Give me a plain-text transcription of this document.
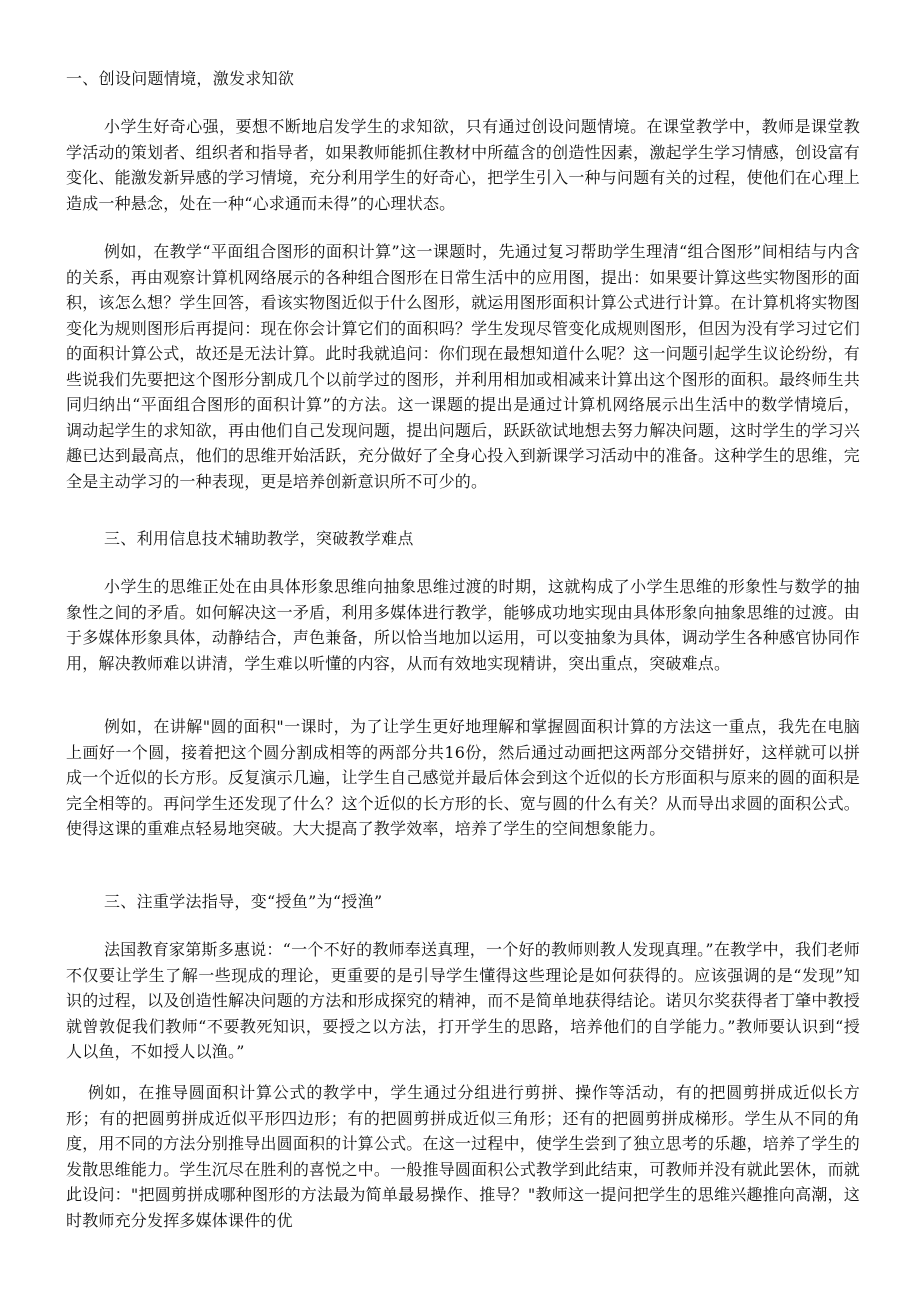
一、创设问题情境，激发求知欲

小学生好奇心强，要想不断地启发学生的求知欲，只有通过创设问题情境。在课堂教学中，教师是课堂教学活动的策划者、组织者和指导者，如果教师能抓住教材中所蕴含的创造性因素，激起学生学习情感，创设富有变化、能激发新异感的学习情境，充分利用学生的好奇心，把学生引入一种与问题有关的过程，使他们在心理上造成一种悬念，处在一种“心求通而未得”的心理状态。

例如，在教学“平面组合图形的面积计算”这一课题时，先通过复习帮助学生理清“组合图形”间相结与内含的关系，再由观察计算机网络展示的各种组合图形在日常生活中的应用图，提出：如果要计算这些实物图形的面积，该怎么想？学生回答，看该实物图近似于什么图形，就运用图形面积计算公式进行计算。在计算机将实物图变化为规则图形后再提问：现在你会计算它们的面积吗？学生发现尽管变化成规则图形，但因为没有学习过它们的面积计算公式，故还是无法计算。此时我就追问：你们现在最想知道什么呢？这一问题引起学生议论纷纷，有些说我们先要把这个图形分割成几个以前学过的图形，并利用相加或相减来计算出这个图形的面积。最终师生共同归纳出“平面组合图形的面积计算”的方法。这一课题的提出是通过计算机网络展示出生活中的数学情境后，调动起学生的求知欲，再由他们自己发现问题，提出问题后，跃跃欲试地想去努力解决问题，这时学生的学习兴趣已达到最高点，他们的思维开始活跃，充分做好了全身心投入到新课学习活动中的准备。这种学生的思维，完全是主动学习的一种表现，更是培养创新意识所不可少的。

三、利用信息技术辅助教学，突破教学难点

小学生的思维正处在由具体形象思维向抽象思维过渡的时期，这就构成了小学生思维的形象性与数学的抽象性之间的矛盾。如何解决这一矛盾，利用多媒体进行教学，能够成功地实现由具体形象向抽象思维的过渡。由于多媒体形象具体，动静结合，声色兼备，所以恰当地加以运用，可以变抽象为具体，调动学生各种感官协同作用，解决教师难以讲清，学生难以听懂的内容，从而有效地实现精讲，突出重点，突破难点。

例如，在讲解"圆的面积"一课时，为了让学生更好地理解和掌握圆面积计算的方法这一重点，我先在电脑上画好一个圆，接着把这个圆分割成相等的两部分共16份，然后通过动画把这两部分交错拼好，这样就可以拼成一个近似的长方形。反复演示几遍，让学生自己感觉并最后体会到这个近似的长方形面积与原来的圆的面积是完全相等的。再问学生还发现了什么？这个近似的长方形的长、宽与圆的什么有关？从而导出求圆的面积公式。使得这课的重难点轻易地突破。大大提高了教学效率，培养了学生的空间想象能力。

三、注重学法指导，变“授鱼”为“授渔”

法国教育家第斯多惠说：“一个不好的教师奉送真理，一个好的教师则教人发现真理。”在教学中，我们老师不仅要让学生了解一些现成的理论，更重要的是引导学生懂得这些理论是如何获得的。应该强调的是“发现”知识的过程，以及创造性解决问题的方法和形成探究的精神，而不是简单地获得结论。诺贝尔奖获得者丁肇中教授就曾敦促我们教师“不要教死知识，要授之以方法，打开学生的思路，培养他们的自学能力。”教师要认识到“授人以鱼，不如授人以渔。”

例如，在推导圆面积计算公式的教学中，学生通过分组进行剪拼、操作等活动，有的把圆剪拼成近似长方形；有的把圆剪拼成近似平形四边形；有的把圆剪拼成近似三角形；还有的把圆剪拼成梯形。学生从不同的角度，用不同的方法分别推导出圆面积的计算公式。在这一过程中，使学生尝到了独立思考的乐趣，培养了学生的发散思维能力。学生沉尽在胜利的喜悦之中。一般推导圆面积公式教学到此结束，可教师并没有就此罢休，而就此设问："把圆剪拼成哪种图形的方法最为简单最易操作、推导？"教师这一提问把学生的思维兴趣推向高潮，这时教师充分发挥多媒体课件的优
